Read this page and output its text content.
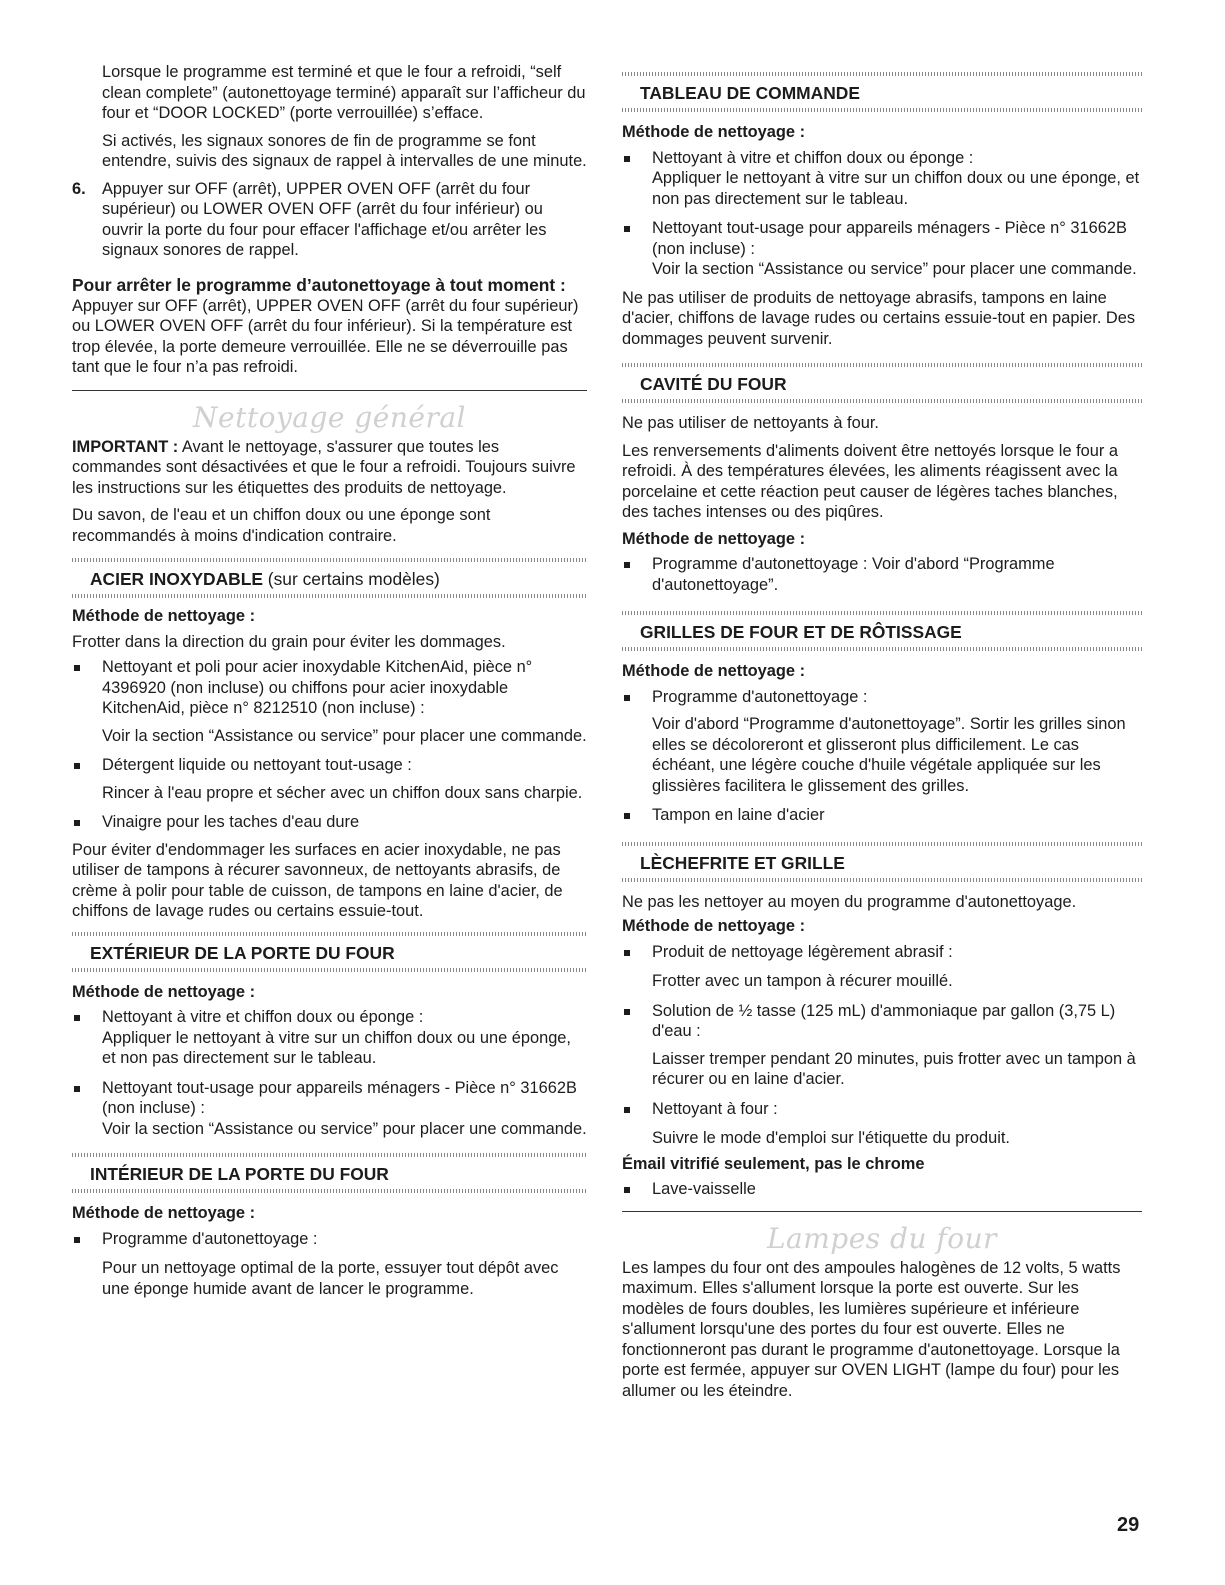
Lorsque le programme est terminé et que le four a refroidi, “self clean complete” (autonettoyage terminé) apparaît sur l’afficheur du four et “DOOR LOCKED” (porte verrouillée) s’efface.

Si activés, les signaux sonores de fin de programme se font entendre, suivis des signaux de rappel à intervalles de une minute.

6. Appuyer sur OFF (arrêt), UPPER OVEN OFF (arrêt du four supérieur) ou LOWER OVEN OFF (arrêt du four inférieur) ou ouvrir la porte du four pour effacer l'affichage et/ou arrêter les signaux sonores de rappel.

Pour arrêter le programme d’autonettoyage à tout moment :

Appuyer sur OFF (arrêt), UPPER OVEN OFF (arrêt du four supérieur) ou LOWER OVEN OFF (arrêt du four inférieur). Si la température est trop élevée, la porte demeure verrouillée. Elle ne se déverrouille pas tant que le four n’a pas refroidi.

Nettoyage général

IMPORTANT : Avant le nettoyage, s'assurer que toutes les commandes sont désactivées et que le four a refroidi. Toujours suivre les instructions sur les étiquettes des produits de nettoyage.

Du savon, de l'eau et un chiffon doux ou une éponge sont recommandés à moins d'indication contraire.

ACIER INOXYDABLE (sur certains modèles)

Méthode de nettoyage :

Frotter dans la direction du grain pour éviter les dommages.

Nettoyant et poli pour acier inoxydable KitchenAid, pièce n° 4396920 (non incluse) ou chiffons pour acier inoxydable KitchenAid, pièce n° 8212510 (non incluse) :

Voir la section “Assistance ou service” pour placer une commande.

Détergent liquide ou nettoyant tout-usage :

Rincer à l'eau propre et sécher avec un chiffon doux sans charpie.

Vinaigre pour les taches d'eau dure

Pour éviter d'endommager les surfaces en acier inoxydable, ne pas utiliser de tampons à récurer savonneux, de nettoyants abrasifs, de crème à polir pour table de cuisson, de tampons en laine d'acier, de chiffons de lavage rudes ou certains essuie-tout.

EXTÉRIEUR DE LA PORTE DU FOUR

Méthode de nettoyage :

Nettoyant à vitre et chiffon doux ou éponge :
Appliquer le nettoyant à vitre sur un chiffon doux ou une éponge, et non pas directement sur le tableau.
Nettoyant tout-usage pour appareils ménagers - Pièce n° 31662B (non incluse) :
Voir la section “Assistance ou service” pour placer une commande.
INTÉRIEUR DE LA PORTE DU FOUR

Méthode de nettoyage :

Programme d'autonettoyage :

Pour un nettoyage optimal de la porte, essuyer tout dépôt avec une éponge humide avant de lancer le programme.

TABLEAU DE COMMANDE

Méthode de nettoyage :

Nettoyant à vitre et chiffon doux ou éponge :
Appliquer le nettoyant à vitre sur un chiffon doux ou une éponge, et non pas directement sur le tableau.
Nettoyant tout-usage pour appareils ménagers - Pièce n° 31662B (non incluse) :
Voir la section “Assistance ou service” pour placer une commande.

Ne pas utiliser de produits de nettoyage abrasifs, tampons en laine d'acier, chiffons de lavage rudes ou certains essuie-tout en papier. Des dommages peuvent survenir.

CAVITÉ DU FOUR

Ne pas utiliser de nettoyants à four.

Les renversements d'aliments doivent être nettoyés lorsque le four a refroidi. À des températures élevées, les aliments réagissent avec la porcelaine et cette réaction peut causer de légères taches blanches, des taches intenses ou des piqûres.

Méthode de nettoyage :

Programme d'autonettoyage : Voir d'abord “Programme d'autonettoyage”.
GRILLES DE FOUR ET DE RÔTISSAGE

Méthode de nettoyage :

Programme d'autonettoyage :

Voir d'abord “Programme d'autonettoyage”. Sortir les grilles sinon elles se décoloreront et glisseront plus difficilement. Le cas échéant, une légère couche d'huile végétale appliquée sur les glissières facilitera le glissement des grilles.

Tampon en laine d'acier
LÈCHEFRITE ET GRILLE

Ne pas les nettoyer au moyen du programme d'autonettoyage.

Méthode de nettoyage :

Produit de nettoyage légèrement abrasif :

Frotter avec un tampon à récurer mouillé.

Solution de ½ tasse (125 mL) d'ammoniaque par gallon (3,75 L) d'eau :

Laisser tremper pendant 20 minutes, puis frotter avec un tampon à récurer ou en laine d'acier.

Nettoyant à four :

Suivre le mode d'emploi sur l'étiquette du produit.

Émail vitrifié seulement, pas le chrome

Lave-vaisselle
Lampes du four

Les lampes du four ont des ampoules halogènes de 12 volts, 5 watts maximum. Elles s'allument lorsque la porte est ouverte. Sur les modèles de fours doubles, les lumières supérieure et inférieure s'allument lorsqu'une des portes du four est ouverte. Elles ne fonctionneront pas durant le programme d'autonettoyage. Lorsque la porte est fermée, appuyer sur OVEN LIGHT (lampe du four) pour les allumer ou les éteindre.

29
